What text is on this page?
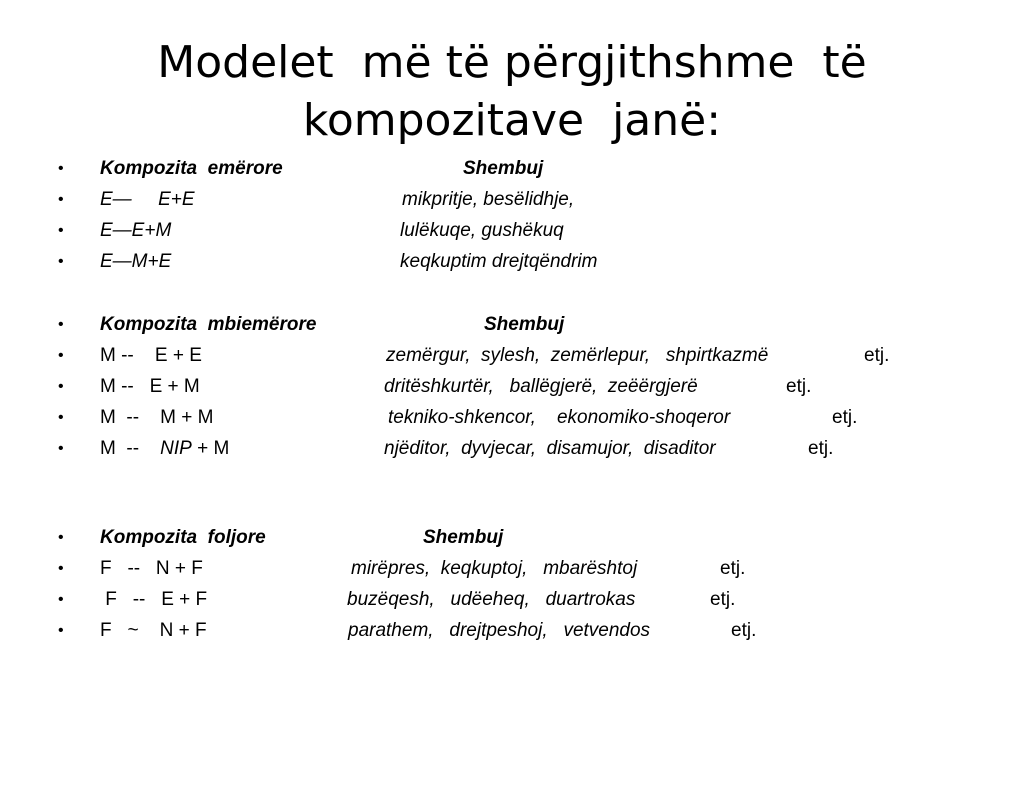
Modelet  më të përgjithshme  të
kompozitave  janë:

•

Kompozita  emërore

	Shembuj

•

E—     E+E

	mikpritje, besëlidhje,

•

E—E+M

	lulëkuqe, gushëkuq

•

E—M+E

	keqkuptim drejtqëndrim

•

Kompozita  mbiemërore

	Shembuj

•

M --    E + E

	zemërgur,  sylesh,  zemërlepur,   shpirtkazmë

	etj.

•

M --   E + M

	dritëshkurtër,   ballëgjerë,  zeëërgjerë

	etj.

•

M  --    M + M

	tekniko-shkencor,    ekonomiko-shoqeror

	etj.

•

M  --    NIP + M

	njëditor,  dyvjecar,  disamujor,  disaditor

	etj.

•

Kompozita  foljore

	Shembuj

•

F   --   N + F

	mirëpres,  keqkuptoj,   mbarështoj

	etj.

•

F   --   E + F

	buzëqesh,   udëeheq,   duartrokas

	etj.

•

F   ~    N + F

	parathem,   drejtpeshoj,   vetvendos

	etj.
